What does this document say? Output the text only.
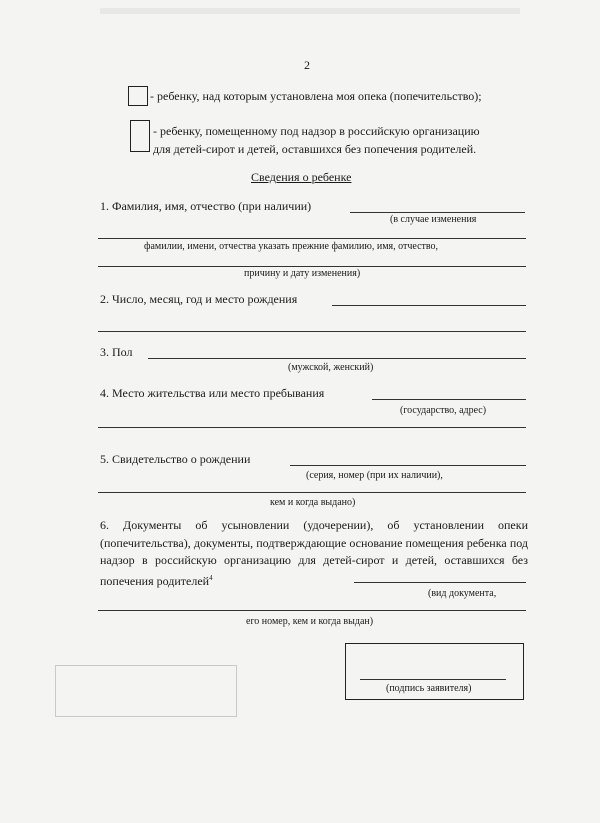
2
- ребенку, над которым установлена моя опека (попечительство);
- ребенку, помещенному под надзор в российскую организацию
для детей-сирот и детей, оставшихся без попечения родителей.
Сведения о ребенке
1. Фамилия, имя, отчество (при наличии)
(в случае изменения
фамилии, имени, отчества указать прежние фамилию, имя, отчество,
причину и дату изменения)
2. Число, месяц, год и место рождения
3. Пол
(мужской, женский)
4. Место жительства или место пребывания
(государство, адрес)
5. Свидетельство о рождении
(серия, номер (при их наличии),
кем и когда выдано)
6. Документы об усыновлении (удочерении), об установлении опеки (попечительства), документы, подтверждающие основание помещения ребенка под надзор в российскую организацию для детей-сирот и детей, оставшихся без попечения родителей$^4$
(вид документа,
его номер, кем и когда выдан)
(подпись заявителя)
